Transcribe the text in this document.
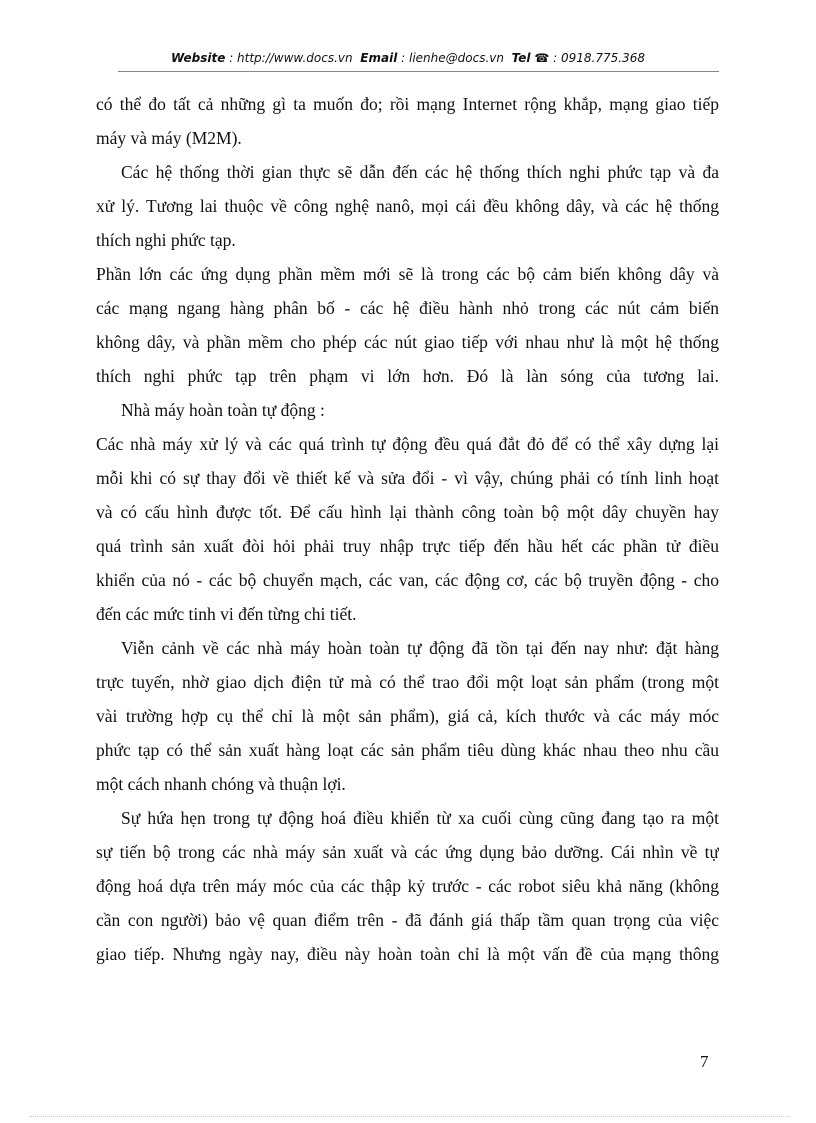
Website : http://www.docs.vn Email : lienhe@docs.vn Tel ☎ : 0918.775.368
có thể đo tất cả những gì ta muốn đo; rồi mạng Internet rộng khắp, mạng giao tiếp
máy và máy (M2M).
Các hệ thống thời gian thực sẽ dẫn đến các hệ thống thích nghi phức tạp và đa
xử lý. Tương lai thuộc về công nghệ nanô, mọi cái đều không dây, và các hệ thống
thích nghi phức tạp.
Phần lớn các ứng dụng phần mềm mới sẽ là trong các bộ cảm biến không dây và
các mạng ngang hàng phân bố - các hệ điều hành nhỏ trong các nút cảm biến
không dây, và phần mềm cho phép các nút giao tiếp với nhau như là một hệ thống
thích nghi phức tạp trên phạm vi lớn hơn. Đó là làn sóng của tương lai.
Nhà máy hoàn toàn tự động :
Các nhà máy xử lý và các quá trình tự động đều quá đắt đỏ để có thể xây dựng lại
mỗi khi có sự thay đổi về thiết kế và sửa đổi - vì vậy, chúng phải có tính linh hoạt
và có cấu hình được tốt. Để cấu hình lại thành công toàn bộ một dây chuyền hay
quá trình sản xuất đòi hỏi phải truy nhập trực tiếp đến hầu hết các phần tử điều
khiển của nó - các bộ chuyển mạch, các van, các động cơ, các bộ truyền động - cho
đến các mức tinh vi đến từng chi tiết.
Viễn cảnh về các nhà máy hoàn toàn tự động đã tồn tại đến nay như: đặt hàng
trực tuyến, nhờ giao dịch điện tử mà có thể trao đổi một loạt sản phẩm (trong một
vài trường hợp cụ thể chỉ là một sản phẩm), giá cả, kích thước và các máy móc
phức tạp có thể sản xuất hàng loạt các sản phẩm tiêu dùng khác nhau theo nhu cầu
một cách nhanh chóng và thuận lợi.
Sự hứa hẹn trong tự động hoá điều khiển từ xa cuối cùng cũng đang tạo ra một
sự tiến bộ trong các nhà máy sản xuất và các ứng dụng bảo dưỡng. Cái nhìn về tự
động hoá dựa trên máy móc của các thập kỷ trước - các robot siêu khả năng (không
cần con người) bảo vệ quan điểm trên - đã đánh giá thấp tầm quan trọng của việc
giao tiếp. Nhưng ngày nay, điều này hoàn toàn chỉ là một vấn đề của mạng thông
7
